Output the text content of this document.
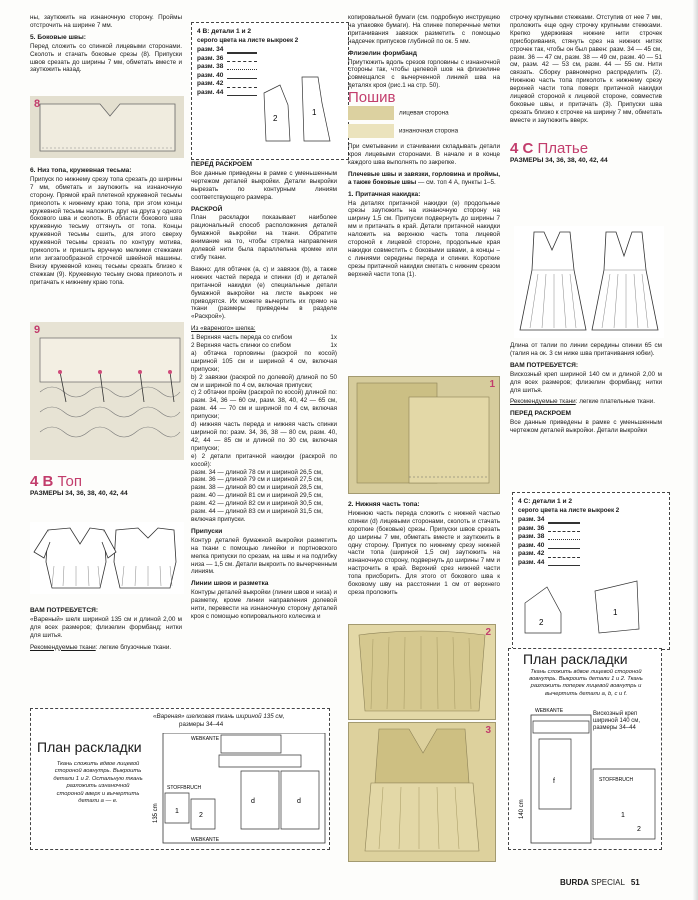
ны, заутюжить на изнаночную сторону. Проймы отстрочить на ширине 7 мм.

5. Боковые швы:

Перед сложить со спинкой лицевыми сторонами. Сколоть и стачать боковые срезы (8). Припуски швов срезать до ширины 7 мм, обметать вместе и заутюжить назад.

8
6. Низ топа, кружевная тесьма:

Припуск по нижнему срезу топа срезать до ширины 7 мм, обметать и заутюжить на изнаночную сторону. Прямой край плетеной кружевной тесьмы приколоть к нижнему краю топа, при этом концы кружевной тесьмы наложить друг на друга у одного бокового шва и сколоть. В области бокового шва кружевную тесьму оттянуть от топа. Концы кружевной тесьмы сшить, для этого сверху кружевной тесьмы срезать по контуру мотива, приколоть и пришить вручную мелкими стежками или зигзагообразной строчкой швейной машины. Внизу кружевной конец тесьмы срезать близко к стежкам (9). Кружевную тесьму снова приколоть и притачать к нижнему краю топа.

9
4 В Топ
РАЗМЕРЫ 34, 36, 38, 40, 42, 44
ВАМ ПОТРЕБУЕТСЯ:

«Вареный» шелк шириной 135 см и длиной 2,00 м для всех размеров; флизелин формбанд; нитки для шитья.

Рекомендуемые ткани: легкие блузочные ткани.

4 В: детали 1 и 2
серого цвета на листе выкроек 2
разм. 34
разм. 36
разм. 38
разм. 40
разм. 42
разм. 44
2
1
ПЕРЕД РАСКРОЕМ

Все данные приведены в рамке с уменьшенным чертежом деталей выкройки. Детали выкройки вырезать по контурным линиям соответствующего размера.

РАСКРОЙ

План раскладки показывает наиболее рациональный способ расположения деталей бумажной выкройки на ткани. Обратите внимание на то, чтобы стрелка направления долевой нити была параллельна кромке или сгибу ткани.

Важно: для обтачек (а, c) и завязок (b), а также нижних частей переда и спинки (d) и деталей притачной накидки (e) специальные детали бумажной выкройки на листе выкроек не приводятся. Их можете вычертить их прямо на ткани (размеры приведены в разделе «Раскрой»).

Из «вареного» шелка:

1 Верхняя часть переда со сгибом	1x
2 Верхняя часть спинки со сгибом	1x

а) обтачка горловины (раскрой по косой) шириной 105 см и шириной 4 см, включая припуски;

b) 2 завязки (раскрой по долевой) длиной по 50 см и шириной по 4 см, включая припуски;

c) 2 обтачки пройм (раскрой по косой) длиной по: разм. 34, 36 — 60 см, разм. 38, 40, 42 — 65 см, разм. 44 — 70 см и шириной по 4 см, включая припуски;

d) нижняя часть переда и нижняя часть спинки шириной по: разм. 34, 36, 38 — 80 см, разм. 40, 42, 44 — 85 см и длиной по 30 см, включая припуски;

e) 2 детали притачной накидки (раскрой по косой):

разм. 34 — длиной 78 см и шириной 26,5 см,
разм. 36 — длиной 79 см и шириной 27,5 см,
разм. 38 — длиной 80 см и шириной 28,5 см,
разм. 40 — длиной 81 см и шириной 29,5 см,
разм. 42 — длиной 82 см и шириной 30,5 см,
разм. 44 — длиной 83 см и шириной 31,5 см,

включая припуски.

Припуски

Контур деталей бумажной выкройки разметить на ткани с помощью линейки и портновского мелка припуски по срезам, на швы и на подгибку низа — 1,5 см. Детали выкроить по вычерченным линиям.

Линии швов и разметка

Контуры деталей выкройки (линии швов и низа) и разметку, кроме линии направления долевой нити, перевести на изнаночную сторону деталей кроя с помощью копировального колесика и

копировальной бумаги (см. подробную инструкцию на упаковке бумаги). На спинке поперечные метки притачивания завязок разметить с помощью надсечек припусков глубиной по ок. 5 мм.

Флизелин формбанд

Приутюжить вдоль срезов горловины с изнаночной стороны так, чтобы целевой шов на флизелине совмещался с вычерченной линией шва на деталях кроя (рис.1 на стр. 50).

Пошив
лицевая сторона
изнаночная сторона

При сметывании и стачивании складывать детали кроя лицевыми сторонами. В начале и в конце каждого шва выполнять по закрепке.

Плечевые швы и завязки, горловина и проймы, а также боковые швы — см. топ 4 А, пункты 1–5.

1. Притачная накидка:

На деталях притачной накидки (e) продольные срезы заутюжить на изнаночную сторону на ширину 1,5 см. Припуски подвернуть до ширины 7 мм и притачать в край. Детали притачной накидки наложить на верхнюю часть топа лицевой стороной к лицевой стороне, продольные края накидки совместить с боковыми швами, а концы – с линиями середины переда и спинки. Короткие срезы притачной накидки сметать с нижним срезом верхней части топа (1).

1
2. Нижняя часть топа:

Нижнюю часть переда сложить с нижней частью спинки (d) лицевыми сторонами, сколоть и стачать короткие (боковые) срезы. Припуски швов срезать до ширины 7 мм, обметать вместе и заутюжить в одну сторону. Припуск по нижнему срезу нижней части топа (шириной 1,5 см) заутюжить на изнаночную сторону, подвернуть до ширины 7 мм и настрочить в край. Верхний срез нижней части топа присборить. Для этого от бокового шва к боковому шву на расстоянии 1 см от верхнего среза проложить

2
3

строчку крупными стежками. Отступив от нее 7 мм, проложить еще одну строчку крупными стежками. Крепко удерживая нижние нити строчек присборивания, стянуть срез на нижних нитях строчек так, чтобы он был равен: разм. 34 — 45 см, разм. 36 — 47 см, разм. 38 — 49 см, разм. 40 — 51 см, разм. 42 — 53 см, разм. 44 — 55 см. Нити связать. Сборку равномерно распределить (2). Нижнюю часть топа приколоть к нижнему срезу верхней части топа поверх притачной накидки лицевой стороной к лицевой стороне, совместив боковые швы, и притачать (3). Припуски шва срезать близко к строчке на ширину 7 мм, обметать вместе и заутюжить вверх.

4 С Платье
РАЗМЕРЫ 34, 36, 38, 40, 42, 44

Длина от талии по линии середины спинки 65 см (талия на ок. 3 см ниже шва притачивания юбки).

ВАМ ПОТРЕБУЕТСЯ:

Вискозный креп шириной 140 см и длиной 2,00 м для всех размеров; флизелин формбанд; нитки для шитья.

Рекомендуемые ткани: легкие плательные ткани.

ПЕРЕД РАСКРОЕМ

Все данные приведены в рамке с уменьшенным чертежом деталей выкройки. Детали выкройки

4 С: детали 1 и 2
серого цвета на листе выкроек 2
разм. 34
разм. 36
разм. 38
разм. 40
разм. 42
разм. 44
2
1
План раскладки
Ткань сложить вдвое лицевой стороной вовнутрь. Выкроить детали 1 и 2. Остальную ткань разложить изнаночной стороной вверх и вычертить детали а — е.
«Вареная» шелковая ткань шириной 135 см,
размеры 34–44
d	d
1
2
WEBKANTE
WEBKANTE
STOFFBRUCH
135 cm
План раскладки
Ткань сложить вдвое лицевой стороной вовнутрь. Выкроить детали 1 и 2. Ткань разложить поперек лицевой вовнутрь и вычертить детали а, b, c и f.
Вискозный креп шириной 140 см, размеры 34–44
f
1
2
WEBKANTE
STOFFBRUCH
140 cm
BURDA SPECIAL 51
